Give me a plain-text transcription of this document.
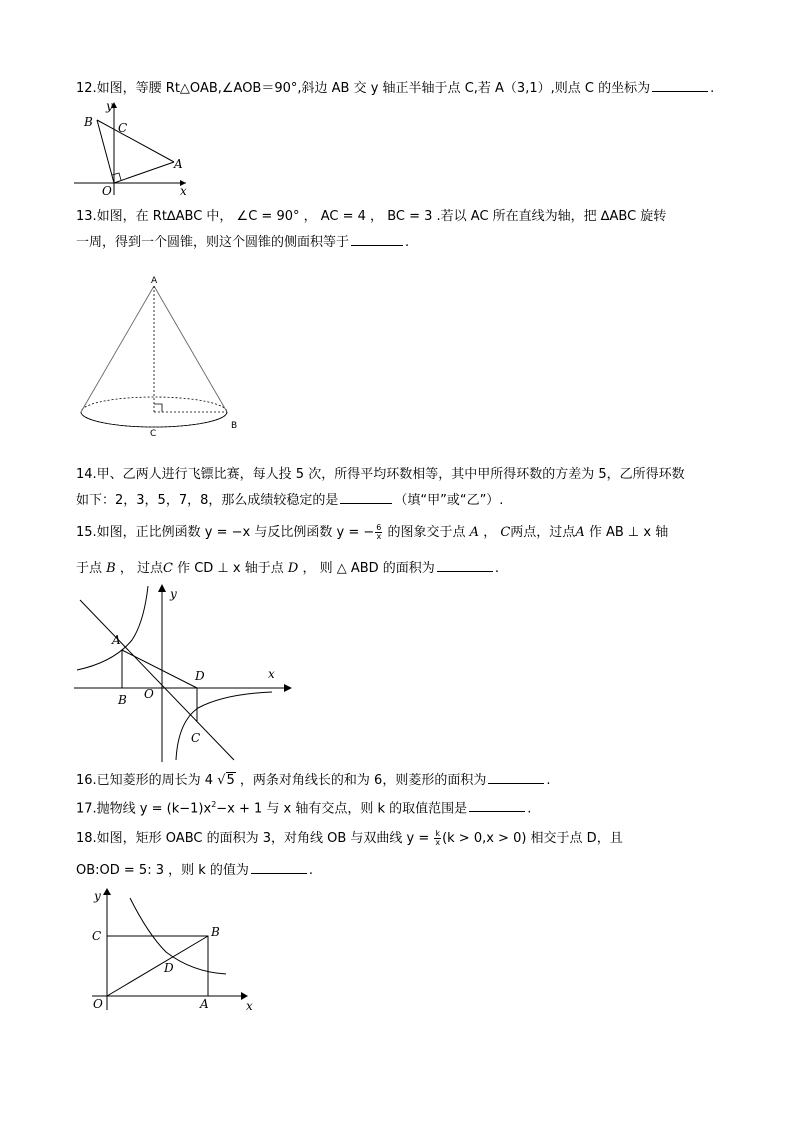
12.如图，等腰 Rt△OAB,∠AOB＝90°,斜边 AB 交 y 轴正半轴于点 C,若 A（3,1）,则点 C 的坐标为	.
y
x
B C
A
O
13.如图，在 Rt∆ABC 中， ∠C = 90° ， AC = 4 ， BC = 3 .若以 AC 所在直线为轴，把 ∆ABC 旋转
一周，得到一个圆锥，则这个圆锥的侧面积等于	.
A
B
C
14.甲、乙两人进行飞镖比赛，每人投 5 次，所得平均环数相等，其中甲所得环数的方差为 5，乙所得环数
如下：2，3，5，7，8，那么成绩较稳定的是	（填“甲”或“乙”）.
15.如图，正比例函数 y = −x 与反比例函数 y = − $\frac{6}{x}$ 的图象交于点 A ， C两点，过点A 作 AB ⊥ x 轴
于点 B ， 过点C 作 CD ⊥ x 轴于点 D ， 则 △ ABD 的面积为	.
y
x
A
B O
D
C
16.已知菱形的周长为 4 √5 ，两条对角线长的和为 6，则菱形的面积为	.
17.抛物线 $y = (k-1)x^2-x + 1$ 与 x 轴有交点，则 k 的取值范围是	.
18.如图，矩形 OABC 的面积为 3，对角线 OB 与双曲线 $y = \frac{k}{x} (k > 0,x > 0)$ 相交于点 D，且
OB:OD = 5: 3 ，则 k 的值为	.
y
x
C	B
D
O	A
